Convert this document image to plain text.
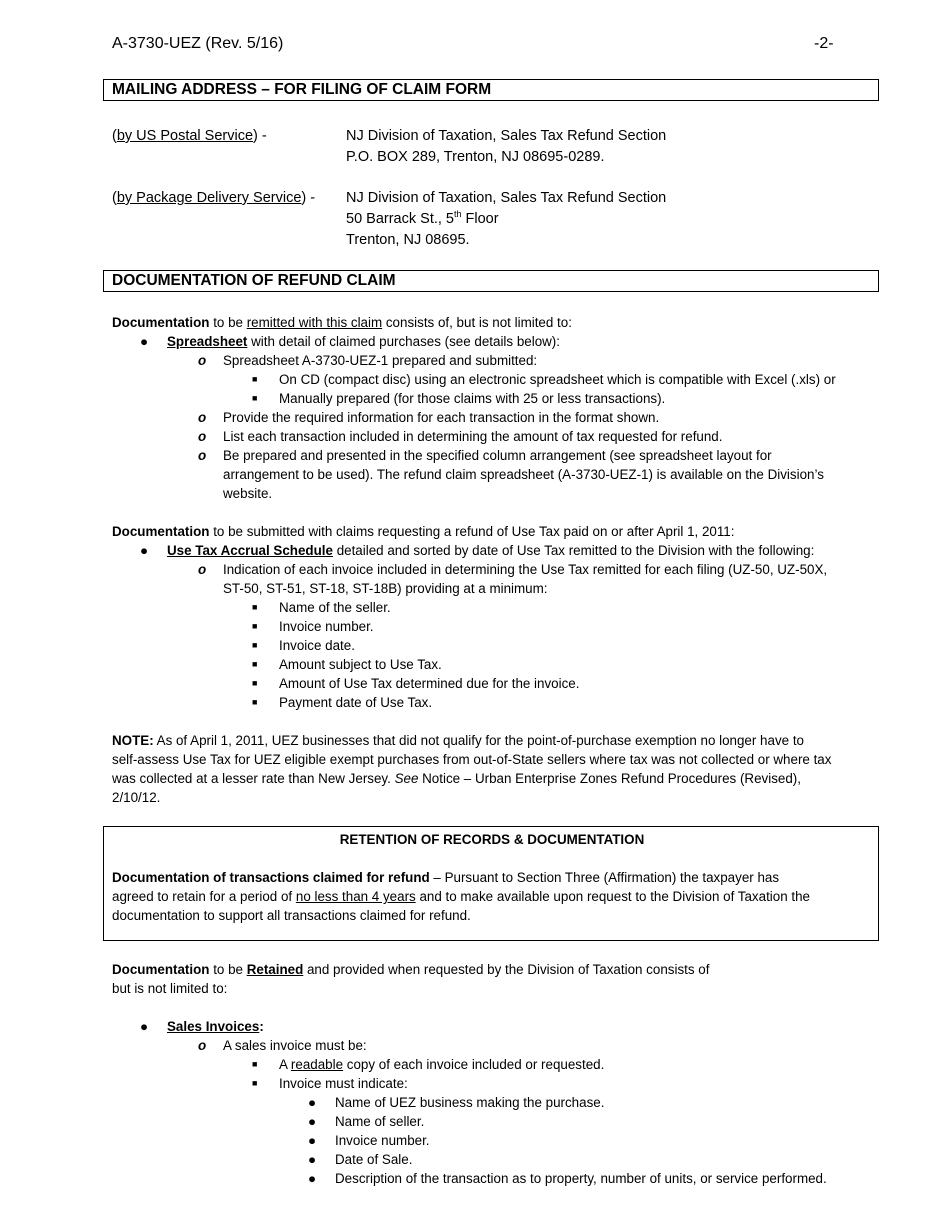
A-3730-UEZ (Rev. 5/16)	-2-
MAILING ADDRESS – FOR FILING OF CLAIM FORM
(by US Postal Service) -	NJ Division of Taxation, Sales Tax Refund Section
P.O. BOX 289, Trenton, NJ 08695-0289.
(by Package Delivery Service) - NJ Division of Taxation, Sales Tax Refund Section
50 Barrack St., 5th Floor
Trenton, NJ 08695.
DOCUMENTATION OF REFUND CLAIM
Documentation to be remitted with this claim consists of, but is not limited to:
● Spreadsheet with detail of claimed purchases (see details below):
o Spreadsheet A-3730-UEZ-1 prepared and submitted:
■ On CD (compact disc) using an electronic spreadsheet which is compatible with Excel (.xls) or
■ Manually prepared (for those claims with 25 or less transactions).
o Provide the required information for each transaction in the format shown.
o List each transaction included in determining the amount of tax requested for refund.
o Be prepared and presented in the specified column arrangement (see spreadsheet layout for
arrangement to be used). The refund claim spreadsheet (A-3730-UEZ-1) is available on the Division’s
website.
Documentation to be submitted with claims requesting a refund of Use Tax paid on or after April 1, 2011:
● Use Tax Accrual Schedule detailed and sorted by date of Use Tax remitted to the Division with the following:
o Indication of each invoice included in determining the Use Tax remitted for each filing (UZ-50, UZ-50X,
ST-50, ST-51, ST-18, ST-18B) providing at a minimum:
■ Name of the seller.
■ Invoice number.
■ Invoice date.
■ Amount subject to Use Tax.
■ Amount of Use Tax determined due for the invoice.
■ Payment date of Use Tax.
NOTE: As of April 1, 2011, UEZ businesses that did not qualify for the point-of-purchase exemption no longer have to
self-assess Use Tax for UEZ eligible exempt purchases from out-of-State sellers where tax was not collected or where tax
was collected at a lesser rate than New Jersey. See Notice – Urban Enterprise Zones Refund Procedures (Revised),
2/10/12.
RETENTION OF RECORDS & DOCUMENTATION
Documentation of transactions claimed for refund – Pursuant to Section Three (Affirmation) the taxpayer has
agreed to retain for a period of no less than 4 years and to make available upon request to the Division of Taxation the
documentation to support all transactions claimed for refund.
Documentation to be Retained and provided when requested by the Division of Taxation consists of
but is not limited to:
● Sales Invoices:
o A sales invoice must be:
■ A readable copy of each invoice included or requested.
■ Invoice must indicate:
● Name of UEZ business making the purchase.
● Name of seller.
● Invoice number.
● Date of Sale.
● Description of the transaction as to property, number of units, or service performed.
